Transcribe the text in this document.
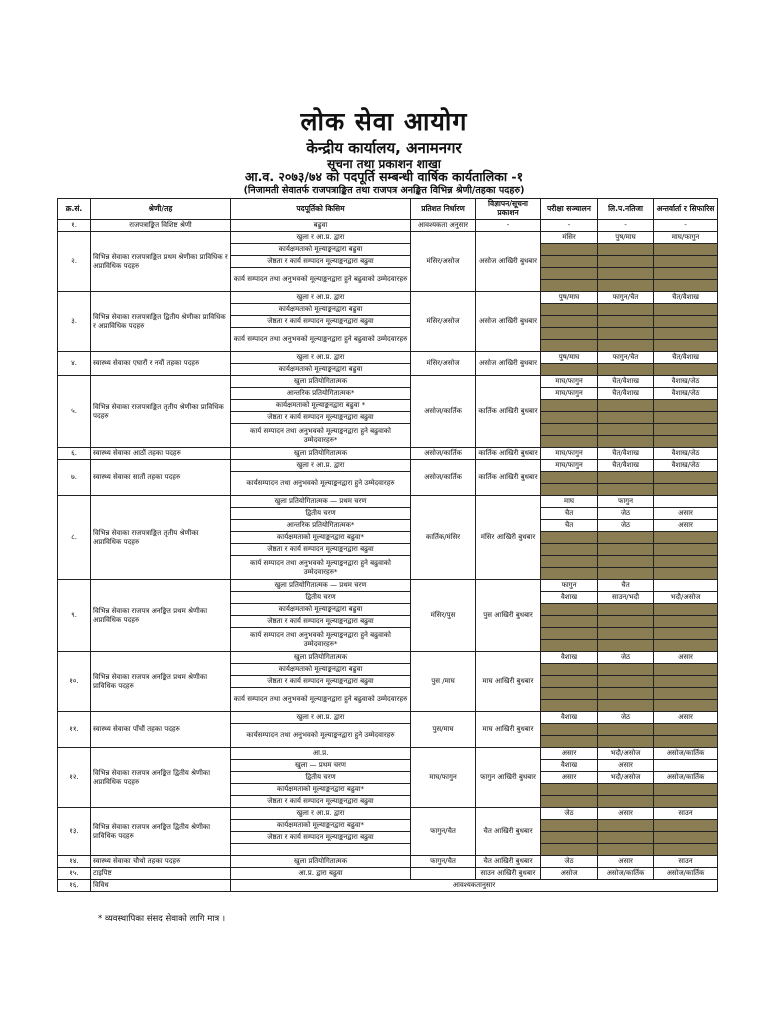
लोक सेवा आयोग
केन्द्रीय कार्यालय, अनामनगर
सूचना तथा प्रकाशन शाखा
आ.व. २०७३/७४ को पदपूर्ति सम्बन्धी वार्षिक कार्यतालिका -१
(निजामती सेवातर्फ राजपत्राङ्कित तथा राजपत्र अनङ्कित विभिन्न श्रेणी/तहका पदहरु)
क्र.सं.	श्रेणी/तह	पदपूर्तिको किसिम	प्रतिशत निर्धारण	विज्ञापन/सूचना प्रकाशन	परीक्षा सञ्चालन	लि.प.नतिजा	अन्तर्वार्ता र सिफारिस
१.	राजपत्राङ्कित विशिष्ट श्रेणी	बढुवा	आवश्यकता अनुसार	-	-	-	-
२.	विभिन्न सेवाका राजपत्राङ्कित प्रथम श्रेणीका प्राविधिक र अप्राविधिक पदहरु	खुला र आ.प्र. द्वारा	मंसिर/असोज	असोज आखिरी बुधबार	मंसिर	पुष/माघ	माघ/फागुन
		कार्यक्षमताको मूल्याङ्कनद्वारा बढुवा					
		जेष्ठता र कार्य सम्पादन मूल्याङ्कनद्वारा बढुवा					
		कार्य सम्पादन तथा अनुभवको मूल्याङ्कनद्वारा हुने बढुवाको उम्मेदवारहरु					

३.	विभिन्न सेवाका राजपत्राङ्कित द्वितीय श्रेणीका प्राविधिक र अप्राविधिक पदहरु	खुला र आ.प्र. द्वारा	मंसिर/असोज	असोज आखिरी बुधबार	पुष/माघ	फागुन/चैत	चैत/वैशाख
		कार्यक्षमताको मूल्याङ्कनद्वारा बढुवा					
		जेष्ठता र कार्य सम्पादन मूल्याङ्कनद्वारा बढुवा					
		कार्य सम्पादन तथा अनुभवको मूल्याङ्कनद्वारा हुने बढुवाको उम्मेदवारहरु					

४.	स्वास्थ्य सेवाका एघारौं र नवौं तहका पदहरु	खुला र आ.प्र. द्वारा	मंसिर/असोज	असोज आखिरी बुधबार	पुष/माघ	फागुन/चैत	चैत/वैशाख
		कार्यक्षमताको मूल्याङ्कनद्वारा बढुवा					
५.	विभिन्न सेवाका राजपत्राङ्कित तृतीय श्रेणीका प्राविधिक पदहरु	खुला प्रतियोगितात्मक	असोज/कार्तिक	कार्तिक आखिरी बुधबार	माघ/फागुन	चैत/वैशाख	वैशाख/जेठ
		आन्तरिक प्रतियोगितात्मक*			माघ/फागुन	चैत/वैशाख	वैशाख/जेठ
		कार्यक्षमताको मूल्याङ्कनद्वारा बढुवा *					
		जेष्ठता र कार्य सम्पादन मूल्याङ्कनद्वारा बढुवा					
		कार्य सम्पादन तथा अनुभवको मूल्याङ्कनद्वारा हुने बढुवाको उम्मेदवारहरु*					

६.	स्वास्थ्य सेवाका आठौं तहका पदहरु	खुला प्रतियोगितात्मक	असोज/कार्तिक	कार्तिक आखिरी बुधबार	माघ/फागुन	चैत/वैशाख	वैशाख/जेठ

७.	स्वास्थ्य सेवाका सातौं तहका पदहरु	खुला र आ.प्र. द्वारा	असोज/कार्तिक	कार्तिक आखिरी बुधबार	माघ/फागुन	चैत/वैशाख	वैशाख/जेठ
		कार्यसम्पादन तथा अनुभवको मूल्याङ्कनद्वारा हुने उम्मेदवारहरु					

८.	विभिन्न सेवाका राजपत्राङ्कित तृतीय श्रेणीका अप्राविधिक पदहरु	खुला प्रतियोगितात्मक — प्रथम चरण	कार्तिक/मंसिर	मंसिर आखिरी बुधबार	माघ	फागुन	
		द्वितीय चरण			चैत	जेठ	असार
		आन्तरिक प्रतियोगितात्मक*			चैत	जेठ	असार
		कार्यक्षमताको मूल्याङ्कनद्वारा बढुवा*					
		जेष्ठता र कार्य सम्पादन मूल्याङ्कनद्वारा बढुवा					
		कार्य सम्पादन तथा अनुभवको मूल्याङ्कनद्वारा हुने बढुवाको उम्मेदवारहरु*					

९.	विभिन्न सेवाका राजपत्र अनङ्कित प्रथम श्रेणीका अप्राविधिक पदहरु	खुला प्रतियोगितात्मक — प्रथम चरण	मंसिर/पुस	पुस आखिरी बुधबार	फागुन	चैत	
		द्वितीय चरण			वैशाख	साउन/भदौ	भदौ/असोज
		कार्यक्षमताको मूल्याङ्कनद्वारा बढुवा					
		जेष्ठता र कार्य सम्पादन मूल्याङ्कनद्वारा बढुवा					
		कार्य सम्पादन तथा अनुभवको मूल्याङ्कनद्वारा हुने बढुवाको उम्मेदवारहरु*					

१०.	विभिन्न सेवाका राजपत्र अनङ्कित प्रथम श्रेणीका प्राविधिक पदहरु	खुला प्रतियोगितात्मक	पुस /माघ	माघ आखिरी बुधबार	वैशाख	जेठ	असार
		कार्यक्षमताको मूल्याङ्कनद्वारा बढुवा					
		जेष्ठता र कार्य सम्पादन मूल्याङ्कनद्वारा बढुवा					
		कार्य सम्पादन तथा अनुभवको मूल्याङ्कनद्वारा हुने बढुवाको उम्मेदवारहरु					

११.	स्वास्थ्य सेवाका पाँचौं तहका पदहरु	खुला र आ.प्र. द्वारा	पुस/माघ	माघ आखिरी बुधबार	वैशाख	जेठ	असार
		कार्यसम्पादन तथा अनुभवको मूल्याङ्कनद्वारा हुने उम्मेदवारहरु					

१२.	विभिन्न सेवाका राजपत्र अनङ्कित द्वितीय श्रेणीका अप्राविधिक पदहरु	आ.प्र.	माघ/फागुन	फागुन आखिरी बुधबार	असार	भदौ/असोज	असोज/कार्तिक
		खुला — प्रथम चरण			वैशाख	असार	
		द्वितीय चरण			असार	भदौ/असोज	असोज/कार्तिक
		कार्यक्षमताको मूल्याङ्कनद्वारा बढुवा*					
		जेष्ठता र कार्य सम्पादन मूल्याङ्कनद्वारा बढुवा					
१३.	विभिन्न सेवाका राजपत्र अनङ्कित द्वितीय श्रेणीका प्राविधिक पदहरु	खुला र आ.प्र. द्वारा	फागुन/चैत	चैत आखिरी बुधबार	जेठ	असार	साउन
		कार्यक्षमताको मूल्याङ्कनद्वारा बढुवा*					
		जेष्ठता र कार्य सम्पादन मूल्याङ्कनद्वारा बढुवा					

१४.	स्वास्थ्य सेवाका चौथो तहका पदहरु	खुला प्रतियोगितात्मक	फागुन/चैत	चैत आखिरी बुधबार	जेठ	असार	साउन

१५.	टाइपिष्ट	आ.प्र. द्वारा बढुवा		साउन आखिरी बुधबार	असोज	असोज/कार्तिक	असोज/कार्तिक

१६.	विविध	आवश्यकतानुसार					
* व्यवस्थापिका संसद सेवाको लागि मात्र ।
